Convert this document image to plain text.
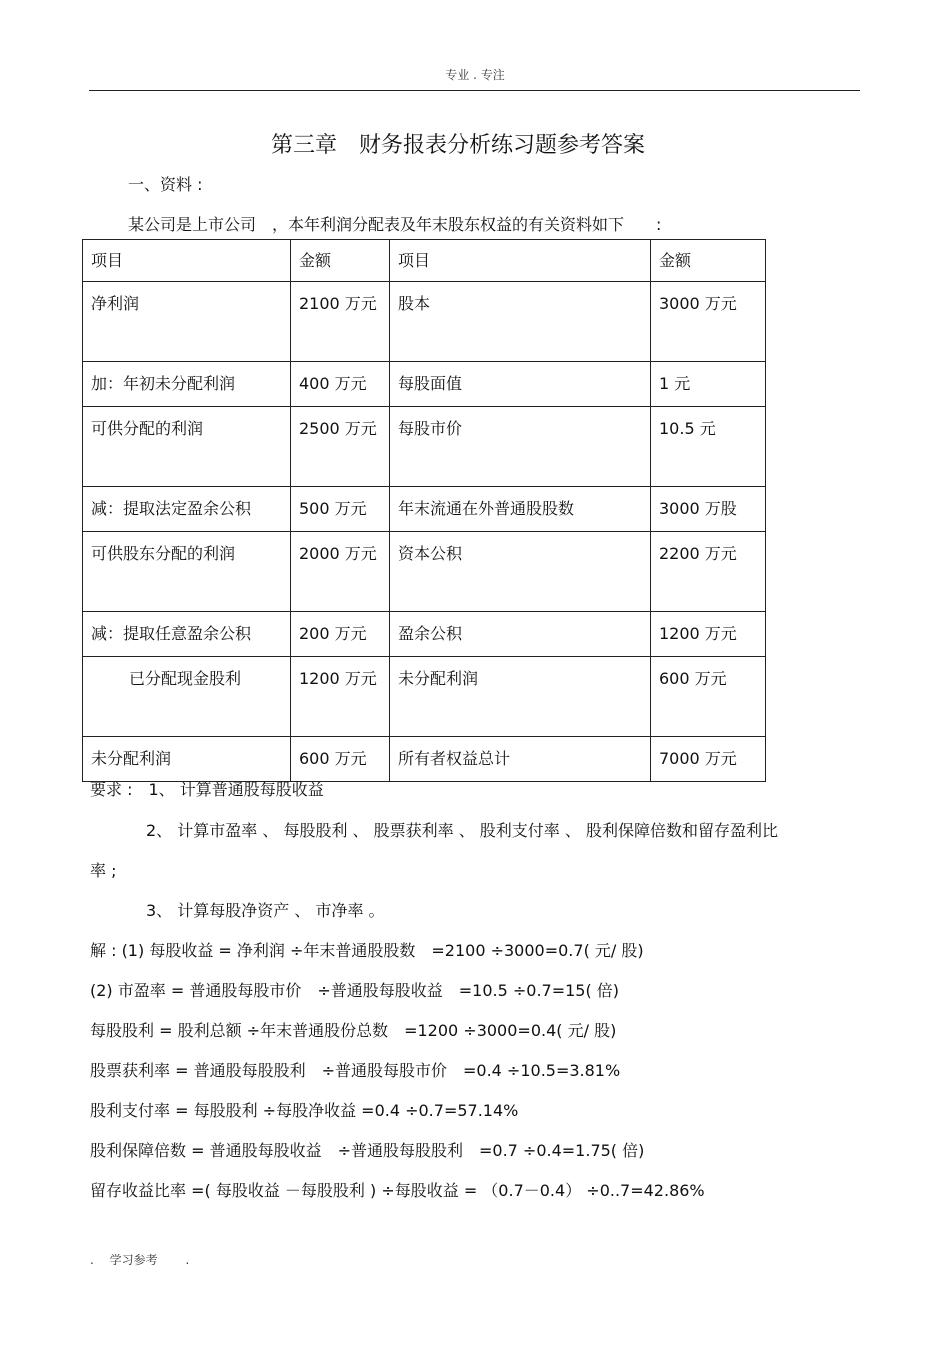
专业 . 专注
第三章　财务报表分析练习题参考答案
一、资料 :
某公司是上市公司　，本年利润分配表及年末股东权益的有关资料如下　　:
项目	金额	项目	金额
净利润	2100 万元	股本	3000 万元
加：年初未分配利润	400 万元	每股面值	1 元
可供分配的利润	2500 万元	每股市价	10.5 元
减：提取法定盈余公积	500 万元	年末流通在外普通股股数	3000 万股
可供股东分配的利润	2000 万元	资本公积	2200 万元
减：提取任意盈余公积	200 万元	盈余公积	1200 万元
已分配现金股利	1200 万元	未分配利润	600 万元
未分配利润	600 万元	所有者权益总计	7000 万元
要求 :　1、 计算普通股每股收益
2、 计算市盈率 、 每股股利 、 股票获利率 、 股利支付率 、 股利保障倍数和留存盈利比
率 ;
3、 计算每股净资产 、 市净率 。
解 : (1) 每股收益 = 净利润 ÷年末普通股股数　=2100 ÷3000=0.7( 元/ 股)
(2) 市盈率 = 普通股每股市价　÷普通股每股收益　=10.5 ÷0.7=15( 倍)
每股股利 = 股利总额 ÷年末普通股份总数　=1200 ÷3000=0.4( 元/ 股)
股票获利率 = 普通股每股股利　÷普通股每股市价　=0.4 ÷10.5=3.81%
股利支付率 = 每股股利 ÷每股净收益 =0.4 ÷0.7=57.14%
股利保障倍数 = 普通股每股收益　÷普通股每股股利　=0.7 ÷0.4=1.75( 倍)
留存收益比率 =( 每股收益 －每股股利 ) ÷每股收益 = （0.7－0.4） ÷0..7=42.86%
.　 学习参考　　 .
